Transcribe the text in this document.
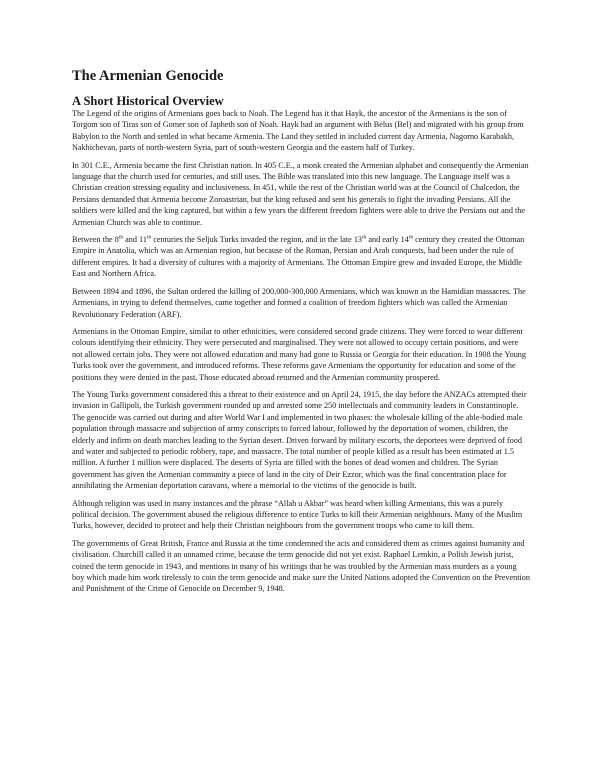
The Armenian Genocide
A Short Historical Overview

The Legend of the origins of Armenians goes back to Noah. The Legend has it that Hayk, the ancestor of the Armenians is the son of Torgom son of Tiras son of Gomer son of Japheth son of Noah. Hayk had an argument with Belus (Bel) and migrated with his group from Babylon to the North and settled in what became Armenia. The Land they settled in included current day Armenia, Nagorno Karabakh, Nakhichevan, parts of north-western Syria, part of south-western Georgia and the eastern half of Turkey.

In 301 C.E., Armenia became the first Christian nation. In 405 C.E., a monk created the Armenian alphabet and consequently the Armenian language that the church used for centuries, and still uses. The Bible was translated into this new language. The Language itself was a Christian creation stressing equality and inclusiveness. In 451, while the rest of the Christian world was at the Council of Chalcedon, the Persians demanded that Armenia become Zoroastrian, but the king refused and sent his generals to fight the invading Persians. All the soldiers were killed and the king captured, but within a few years the different freedom fighters were able to drive the Persians out and the Armenian Church was able to continue.

Between the 8th and 11th centuries the Seljuk Turks invaded the region, and in the late 13th and early 14th century they created the Ottoman Empire in Anatolia, which was an Armenian region, but because of the Roman, Persian and Arab conquests, had been under the rule of different empires. It had a diversity of cultures with a majority of Armenians. The Ottoman Empire grew and invaded Europe, the Middle East and Northern Africa.

Between 1894 and 1896, the Sultan ordered the killing of 200,000-300,000 Armenians, which was known as the Hamidian massacres. The Armenians, in trying to defend themselves, came together and formed a coalition of freedom fighters which was called the Armenian Revolutionary Federation (ARF).

Armenians in the Ottoman Empire, similar to other ethnicities, were considered second grade citizens. They were forced to wear different colours identifying their ethnicity. They were persecuted and marginalised. They were not allowed to occupy certain positions, and were not allowed certain jobs. They were not allowed education and many had gone to Russia or Georgia for their education. In 1908 the Young Turks took over the government, and introduced reforms. These reforms gave Armenians the opportunity for education and some of the positions they were denied in the past. Those educated abroad returned and the Armenian community prospered.

The Young Turks government considered this a threat to their existence and on April 24, 1915, the day before the ANZACs attempted their invasion in Gallipoli, the Turkish government rounded up and arrested some 250 intellectuals and community leaders in Constantinople. The genocide was carried out during and after World War I and implemented in two phases: the wholesale killing of the able-bodied male population through massacre and subjection of army conscripts to forced labour, followed by the deportation of women, children, the elderly and infirm on death marches leading to the Syrian desert. Driven forward by military escorts, the deportees were deprived of food and water and subjected to periodic robbery, rape, and massacre. The total number of people killed as a result has been estimated at 1.5 million. A further 1 million were displaced. The deserts of Syria are filled with the bones of dead women and children. The Syrian government has given the Armenian community a piece of land in the city of Deir Ezzor, which was the final concentration place for annihilating the Armenian deportation caravans, where a memorial to the victims of the genocide is built.

Although religion was used in many instances and the phrase “Allah u Akbar” was heard when killing Armenians, this was a purely political decision. The government abused the religious difference to entice Turks to kill their Armenian neighbours. Many of the Muslim Turks, however, decided to protect and help their Christian neighbours from the government troops who came to kill them.

The governments of Great British, France and Russia at the time condemned the acts and considered them as crimes against humanity and civilisation. Churchill called it an unnamed crime, because the term genocide did not yet exist. Raphael Lemkin, a Polish Jewish jurist, coined the term genocide in 1943, and mentions in many of his writings that he was troubled by the Armenian mass murders as a young boy which made him work tirelessly to coin the term genocide and make sure the United Nations adopted the Convention on the Prevention and Punishment of the Crime of Genocide on December 9, 1948.
